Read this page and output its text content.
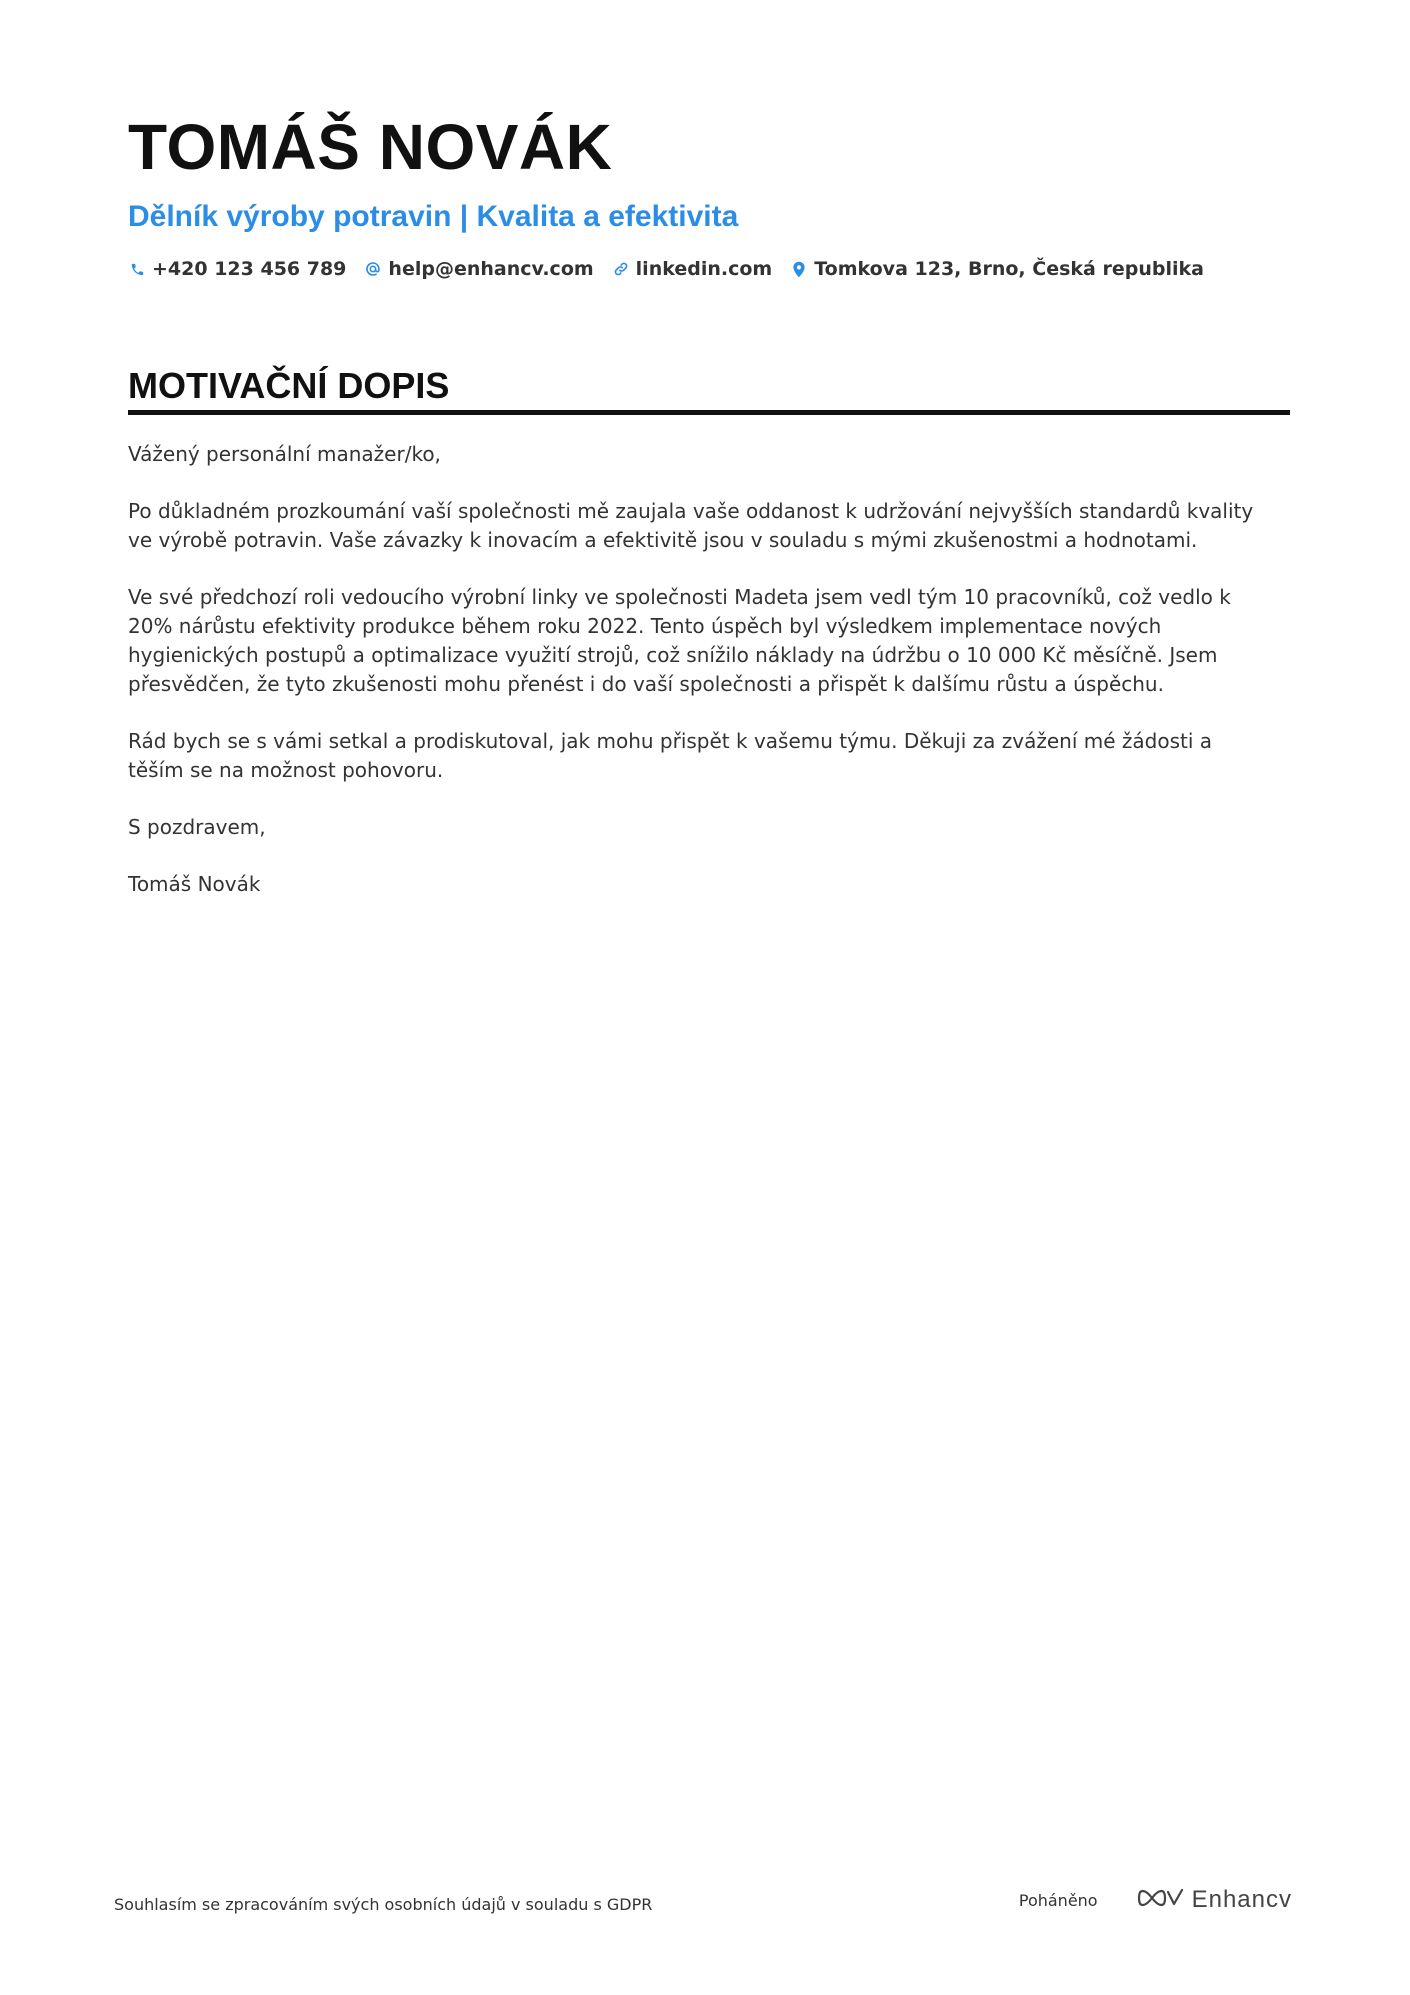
TOMÁŠ NOVÁK
Dělník výroby potravin | Kvalita a efektivita
+420 123 456 789 help@enhancv.com linkedin.com Tomkova 123, Brno, Česká republika
MOTIVAČNÍ DOPIS

Vážený personální manažer/ko,

Po důkladném prozkoumání vaší společnosti mě zaujala vaše oddanost k udržování nejvyšších standardů kvality ve výrobě potravin. Vaše závazky k inovacím a efektivitě jsou v souladu s mými zkušenostmi a hodnotami.

Ve své předchozí roli vedoucího výrobní linky ve společnosti Madeta jsem vedl tým 10 pracovníků, což vedlo k 20% nárůstu efektivity produkce během roku 2022. Tento úspěch byl výsledkem implementace nových hygienických postupů a optimalizace využití strojů, což snížilo náklady na údržbu o 10 000 Kč měsíčně. Jsem přesvědčen, že tyto zkušenosti mohu přenést i do vaší společnosti a přispět k dalšímu růstu a úspěchu.

Rád bych se s vámi setkal a prodiskutoval, jak mohu přispět k vašemu týmu. Děkuji za zvážení mé žádosti a těším se na možnost pohovoru.

S pozdravem,

Tomáš Novák

Souhlasím se zpracováním svých osobních údajů v souladu s GDPR	Poháněno	Enhancv
